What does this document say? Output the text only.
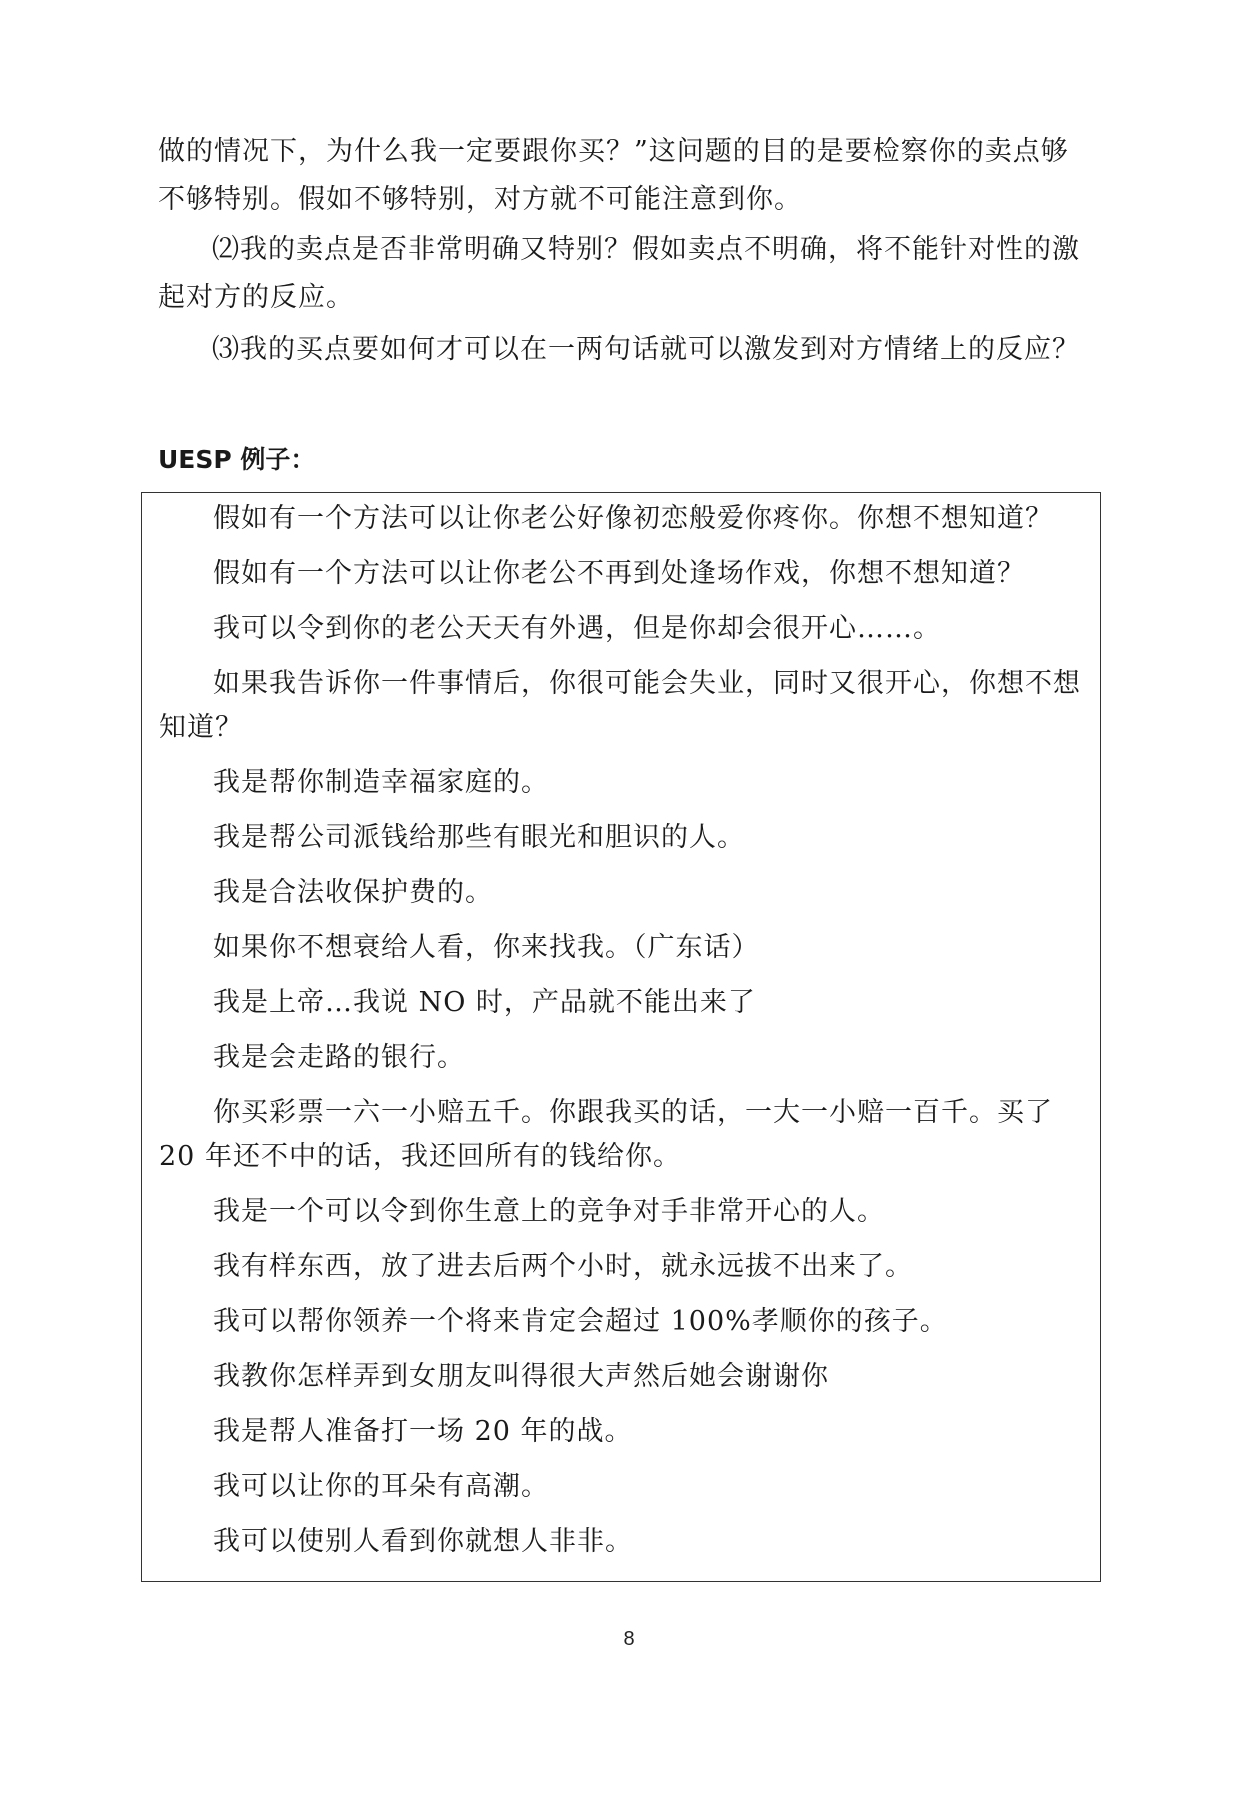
做的情况下，为什么我一定要跟你买？”这问题的目的是要检察你的卖点够不够特别。假如不够特别，对方就不可能注意到你。

⑵我的卖点是否非常明确又特别？假如卖点不明确，将不能针对性的激起对方的反应。

⑶我的买点要如何才可以在一两句话就可以激发到对方情绪上的反应？

UESP 例子：

假如有一个方法可以让你老公好像初恋般爱你疼你。你想不想知道？
假如有一个方法可以让你老公不再到处逢场作戏，你想不想知道？
我可以令到你的老公天天有外遇，但是你却会很开心……。
如果我告诉你一件事情后，你很可能会失业，同时又很开心，你想不想知道？
我是帮你制造幸福家庭的。
我是帮公司派钱给那些有眼光和胆识的人。
我是合法收保护费的。
如果你不想衰给人看，你来找我。（广东话）
我是上帝…我说 NO 时，产品就不能出来了
我是会走路的银行。
你买彩票一六一小赔五千。你跟我买的话，一大一小赔一百千。买了 20 年还不中的话，我还回所有的钱给你。
我是一个可以令到你生意上的竞争对手非常开心的人。
我有样东西，放了进去后两个小时，就永远拔不出来了。
我可以帮你领养一个将来肯定会超过 100%孝顺你的孩子。
我教你怎样弄到女朋友叫得很大声然后她会谢谢你
我是帮人准备打一场 20 年的战。
我可以让你的耳朵有高潮。
我可以使别人看到你就想人非非。
8
